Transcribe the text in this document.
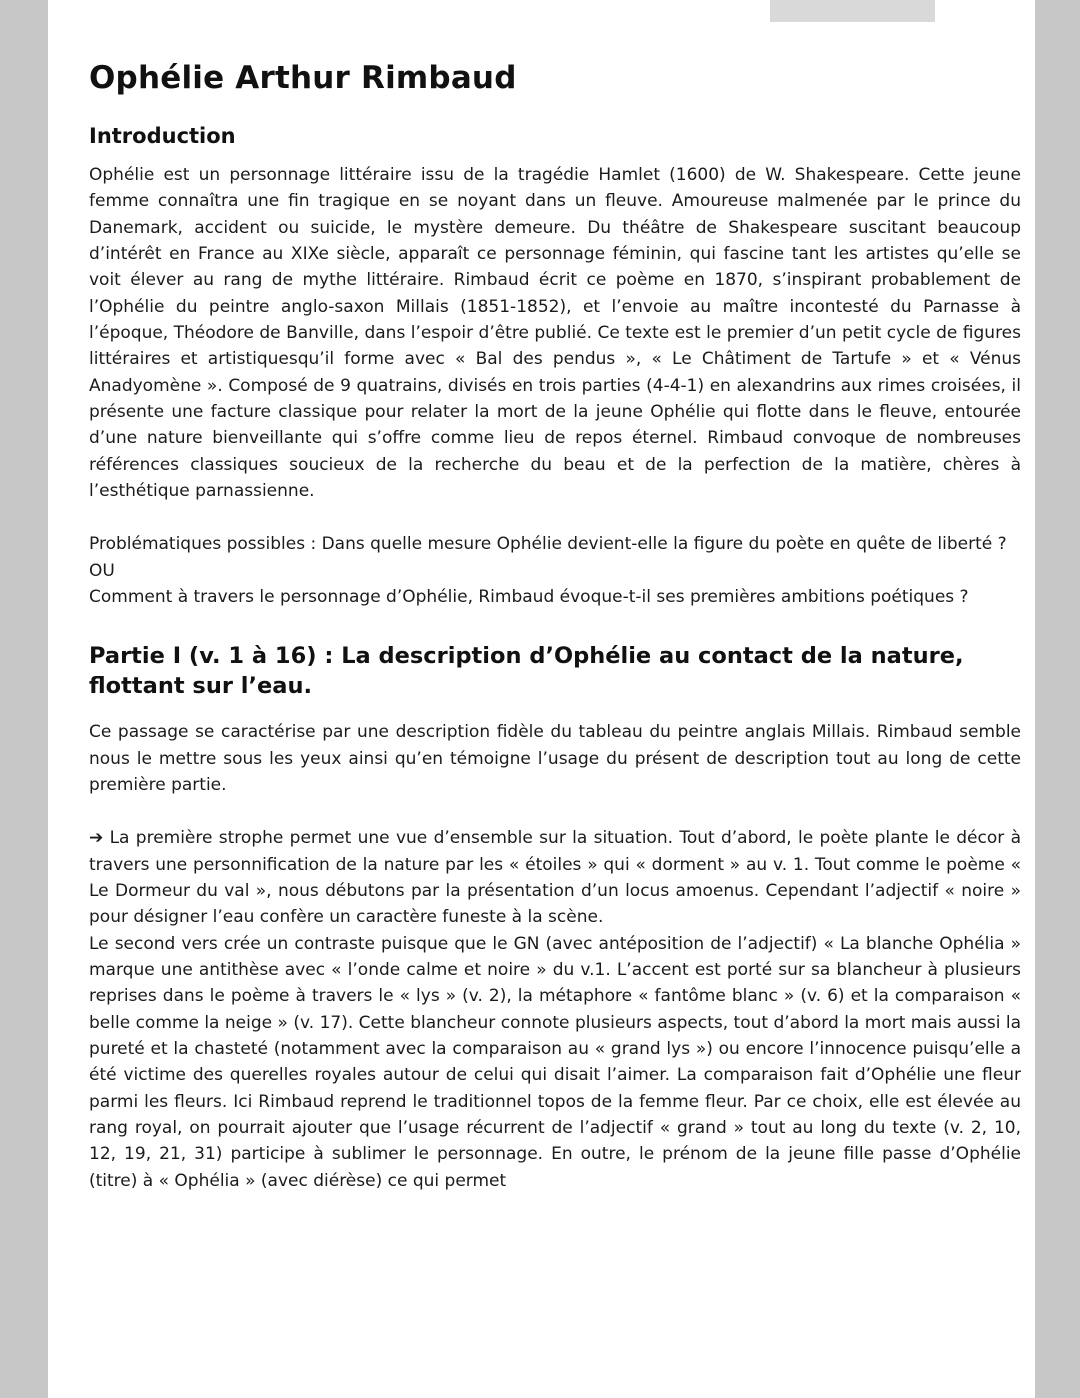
Ophélie Arthur Rimbaud
Introduction

Ophélie est un personnage littéraire issu de la tragédie Hamlet (1600) de W. Shakespeare. Cette jeune femme connaîtra une fin tragique en se noyant dans un fleuve. Amoureuse malmenée par le prince du Danemark, accident ou suicide, le mystère demeure. Du théâtre de Shakespeare suscitant beaucoup d’intérêt en France au XIXe siècle, apparaît ce personnage féminin, qui fascine tant les artistes qu’elle se voit élever au rang de mythe littéraire. Rimbaud écrit ce poème en 1870, s’inspirant probablement de l’Ophélie du peintre anglo-saxon Millais (1851-1852), et l’envoie au maître incontesté du Parnasse à l’époque, Théodore de Banville, dans l’espoir d’être publié. Ce texte est le premier d’un petit cycle de figures littéraires et artistiquesqu’il forme avec « Bal des pendus », « Le Châtiment de Tartufe » et « Vénus Anadyomène ». Composé de 9 quatrains, divisés en trois parties (4-4-1) en alexandrins aux rimes croisées, il présente une facture classique pour relater la mort de la jeune Ophélie qui flotte dans le fleuve, entourée d’une nature bienveillante qui s’offre comme lieu de repos éternel. Rimbaud convoque de nombreuses références classiques soucieux de la recherche du beau et de la perfection de la matière, chères à l’esthétique parnassienne.

Problématiques possibles : Dans quelle mesure Ophélie devient-elle la figure du poète en quête de liberté ?
OU
Comment à travers le personnage d’Ophélie, Rimbaud évoque-t-il ses premières ambitions poétiques ?
Partie I (v. 1 à 16) : La description d’Ophélie au contact de la nature, flottant sur l’eau.

Ce passage se caractérise par une description fidèle du tableau du peintre anglais Millais. Rimbaud semble nous le mettre sous les yeux ainsi qu’en témoigne l’usage du présent de description tout au long de cette première partie.

➔ La première strophe permet une vue d’ensemble sur la situation. Tout d’abord, le poète plante le décor à travers une personnification de la nature par les « étoiles » qui « dorment » au v. 1. Tout comme le poème « Le Dormeur du val », nous débutons par la présentation d’un locus amoenus. Cependant l’adjectif « noire » pour désigner l’eau confère un caractère funeste à la scène.

Le second vers crée un contraste puisque que le GN (avec antéposition de l’adjectif) « La blanche Ophélia » marque une antithèse avec « l’onde calme et noire » du v.1. L’accent est porté sur sa blancheur à plusieurs reprises dans le poème à travers le « lys » (v. 2), la métaphore « fantôme blanc » (v. 6) et la comparaison « belle comme la neige » (v. 17). Cette blancheur connote plusieurs aspects, tout d’abord la mort mais aussi la pureté et la chasteté (notamment avec la comparaison au « grand lys ») ou encore l’innocence puisqu’elle a été victime des querelles royales autour de celui qui disait l’aimer. La comparaison fait d’Ophélie une fleur parmi les fleurs. Ici Rimbaud reprend le traditionnel topos de la femme fleur. Par ce choix, elle est élevée au rang royal, on pourrait ajouter que l’usage récurrent de l’adjectif « grand » tout au long du texte (v. 2, 10, 12, 19, 21, 31) participe à sublimer le personnage. En outre, le prénom de la jeune fille passe d’Ophélie (titre) à « Ophélia » (avec diérèse) ce qui permet
